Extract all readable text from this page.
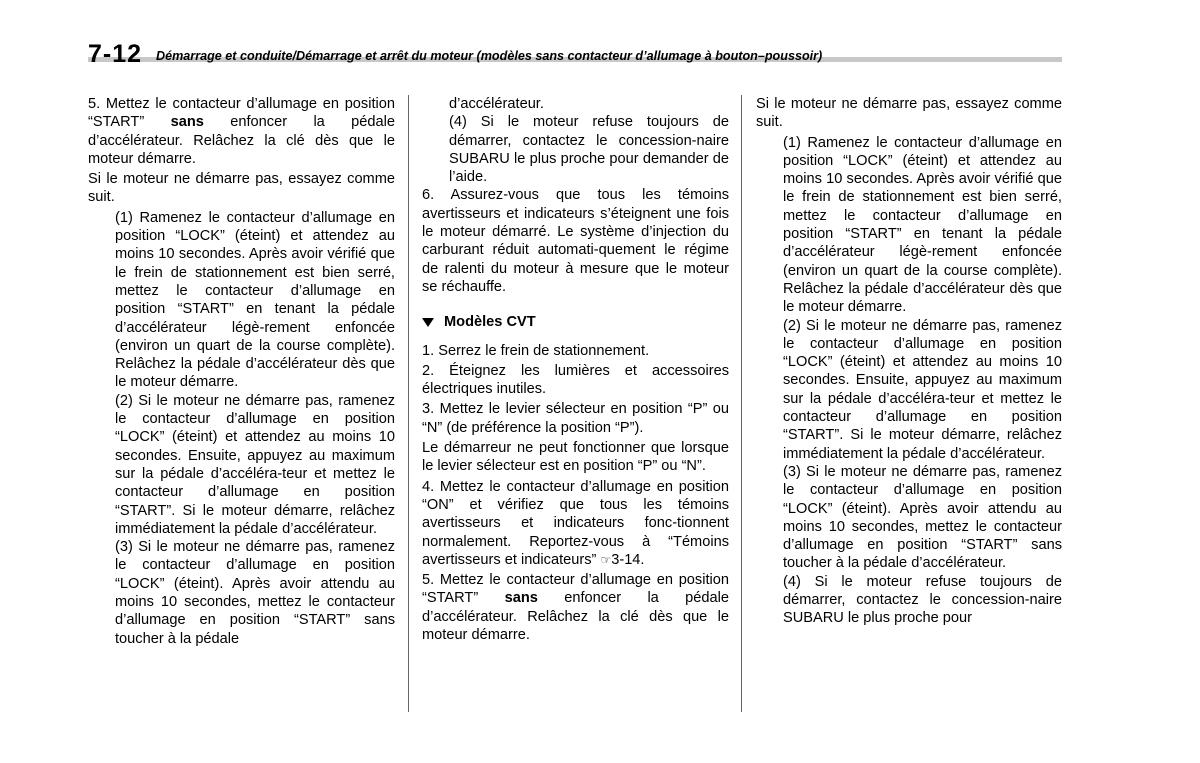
7-12 Démarrage et conduite/Démarrage et arrêt du moteur (modèles sans contacteur d’allumage à bouton–poussoir)

5. Mettez le contacteur d’allumage en position “START” sans enfoncer la pédale d’accélérateur. Relâchez la clé dès que le moteur démarre.

Si le moteur ne démarre pas, essayez comme suit.

(1) Ramenez le contacteur d’allumage en position “LOCK” (éteint) et attendez au moins 10 secondes. Après avoir vérifié que le frein de stationnement est bien serré, mettez le contacteur d’allumage en position “START” en tenant la pédale d’accélérateur légè-rement enfoncée (environ un quart de la course complète). Relâchez la pédale d’accélérateur dès que le moteur démarre.

(2) Si le moteur ne démarre pas, ramenez le contacteur d’allumage en position “LOCK” (éteint) et attendez au moins 10 secondes. Ensuite, appuyez au maximum sur la pédale d’accéléra-teur et mettez le contacteur d’allumage en position “START”. Si le moteur démarre, relâchez immédiatement la pédale d’accélérateur.

(3) Si le moteur ne démarre pas, ramenez le contacteur d’allumage en position “LOCK” (éteint). Après avoir attendu au moins 10 secondes, mettez le contacteur d’allumage en position “START” sans toucher à la pédale

d’accélérateur.

(4) Si le moteur refuse toujours de démarrer, contactez le concession-naire SUBARU le plus proche pour demander de l’aide.

6. Assurez-vous que tous les témoins avertisseurs et indicateurs s’éteignent une fois le moteur démarré. Le système d’injection du carburant réduit automati-quement le régime de ralenti du moteur à mesure que le moteur se réchauffe.

Modèles CVT

1. Serrez le frein de stationnement.

2. Éteignez les lumières et accessoires électriques inutiles.

3. Mettez le levier sélecteur en position “P” ou “N” (de préférence la position “P”).

Le démarreur ne peut fonctionner que lorsque le levier sélecteur est en position “P” ou “N”.

4. Mettez le contacteur d’allumage en position “ON” et vérifiez que tous les témoins avertisseurs et indicateurs fonc-tionnent normalement. Reportez-vous à “Témoins avertisseurs et indicateurs” ☞3-14.

5. Mettez le contacteur d’allumage en position “START” sans enfoncer la pédale d’accélérateur. Relâchez la clé dès que le moteur démarre.

Si le moteur ne démarre pas, essayez comme suit.

(1) Ramenez le contacteur d’allumage en position “LOCK” (éteint) et attendez au moins 10 secondes. Après avoir vérifié que le frein de stationnement est bien serré, mettez le contacteur d’allumage en position “START” en tenant la pédale d’accélérateur légè-rement enfoncée (environ un quart de la course complète). Relâchez la pédale d’accélérateur dès que le moteur démarre.

(2) Si le moteur ne démarre pas, ramenez le contacteur d’allumage en position “LOCK” (éteint) et attendez au moins 10 secondes. Ensuite, appuyez au maximum sur la pédale d’accéléra-teur et mettez le contacteur d’allumage en position “START”. Si le moteur démarre, relâchez immédiatement la pédale d’accélérateur.

(3) Si le moteur ne démarre pas, ramenez le contacteur d’allumage en position “LOCK” (éteint). Après avoir attendu au moins 10 secondes, mettez le contacteur d’allumage en position “START” sans toucher à la pédale d’accélérateur.

(4) Si le moteur refuse toujours de démarrer, contactez le concession-naire SUBARU le plus proche pour
